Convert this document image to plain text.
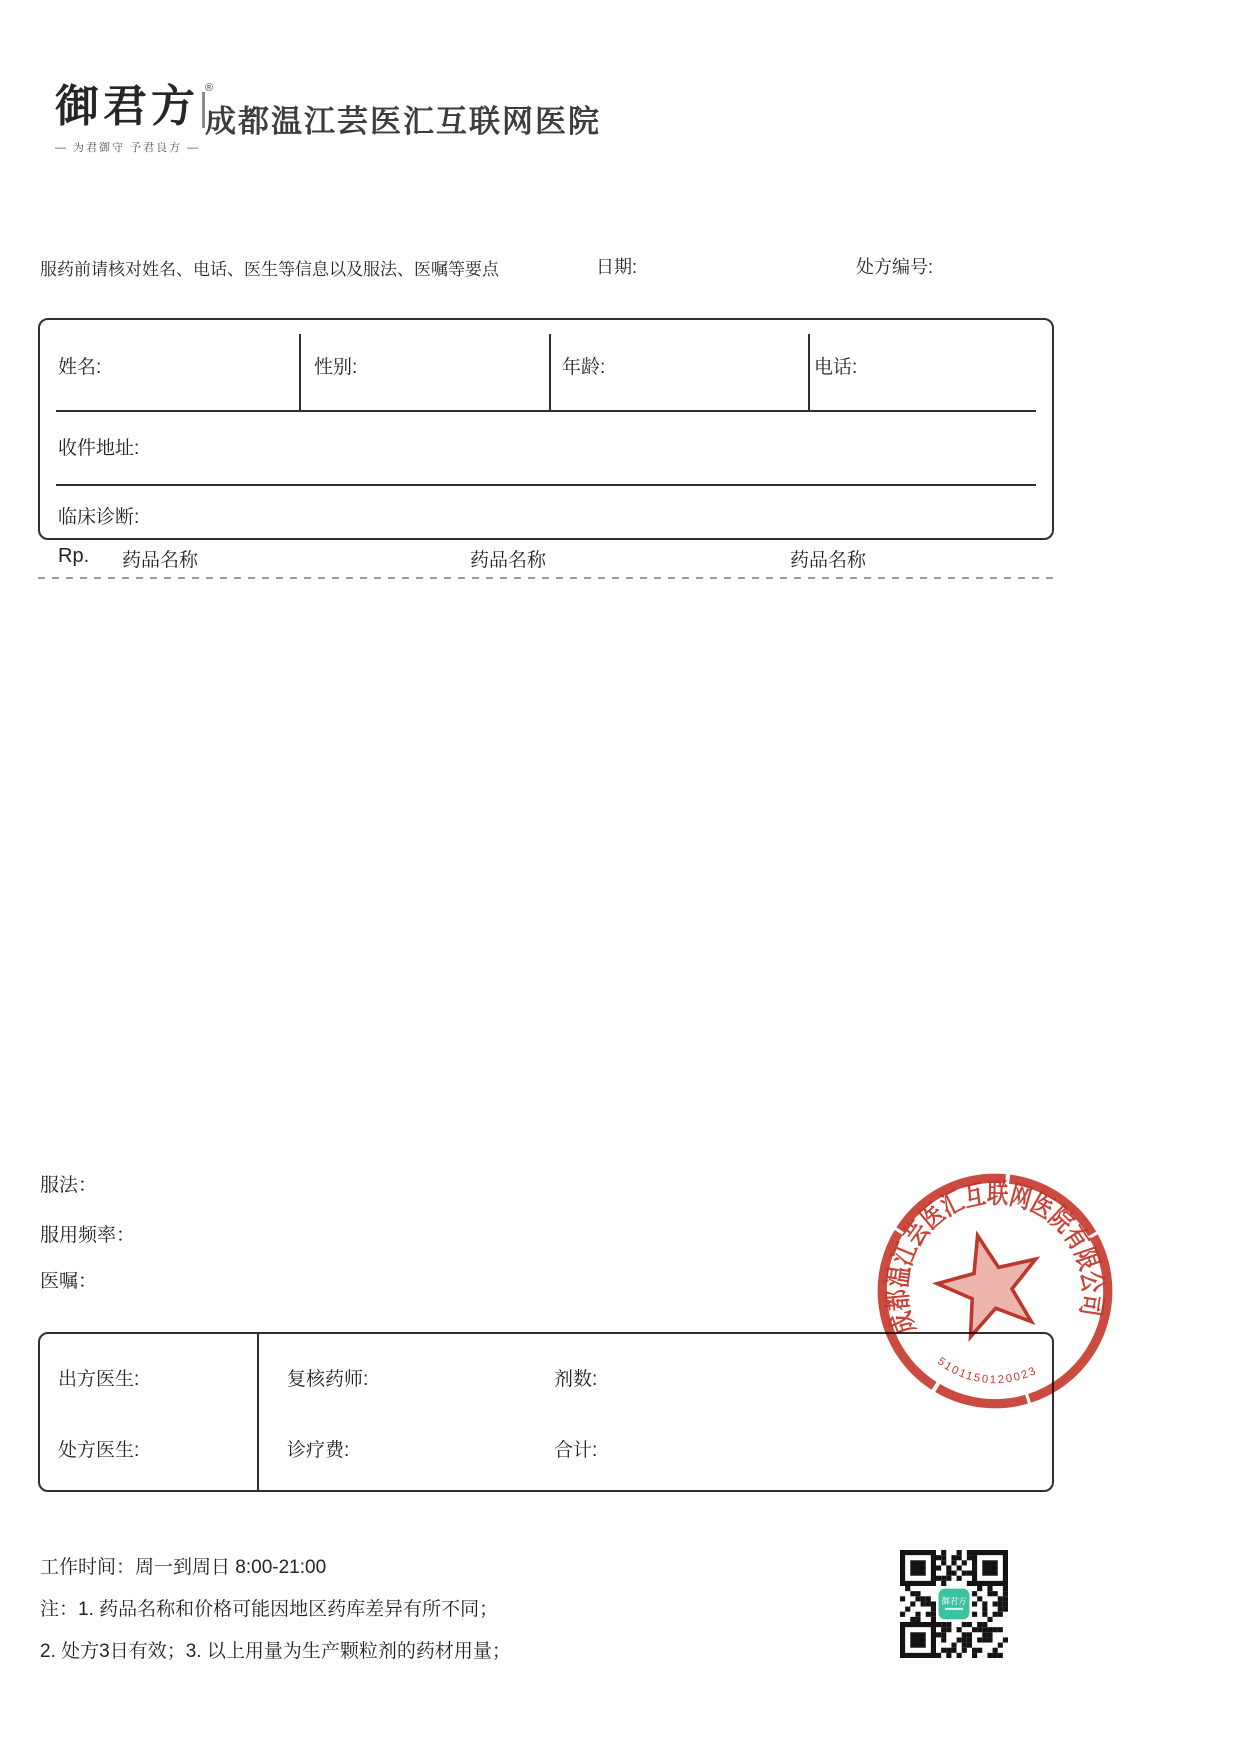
御君方 ®
— 为君御守 予君良方 —
成都温江芸医汇互联网医院
服药前请核对姓名、电话、医生等信息以及服法、医嘱等要点	日期:	处方编号:
姓名:	性别:	年龄:	电话:
收件地址:
临床诊断:
Rp. 药品名称	药品名称	药品名称
服法：
服用频率：
医嘱：
出方医生:	复核药师:	剂数:
处方医生:	诊疗费:	合计:
成都温江芸医汇互联网医院有限公司
5101150120023
工作时间：周一到周日 8:00-21:00
注：1. 药品名称和价格可能因地区药库差异有所不同；
2. 处方3日有效；3. 以上用量为生产颗粒剂的药材用量；
御君方
